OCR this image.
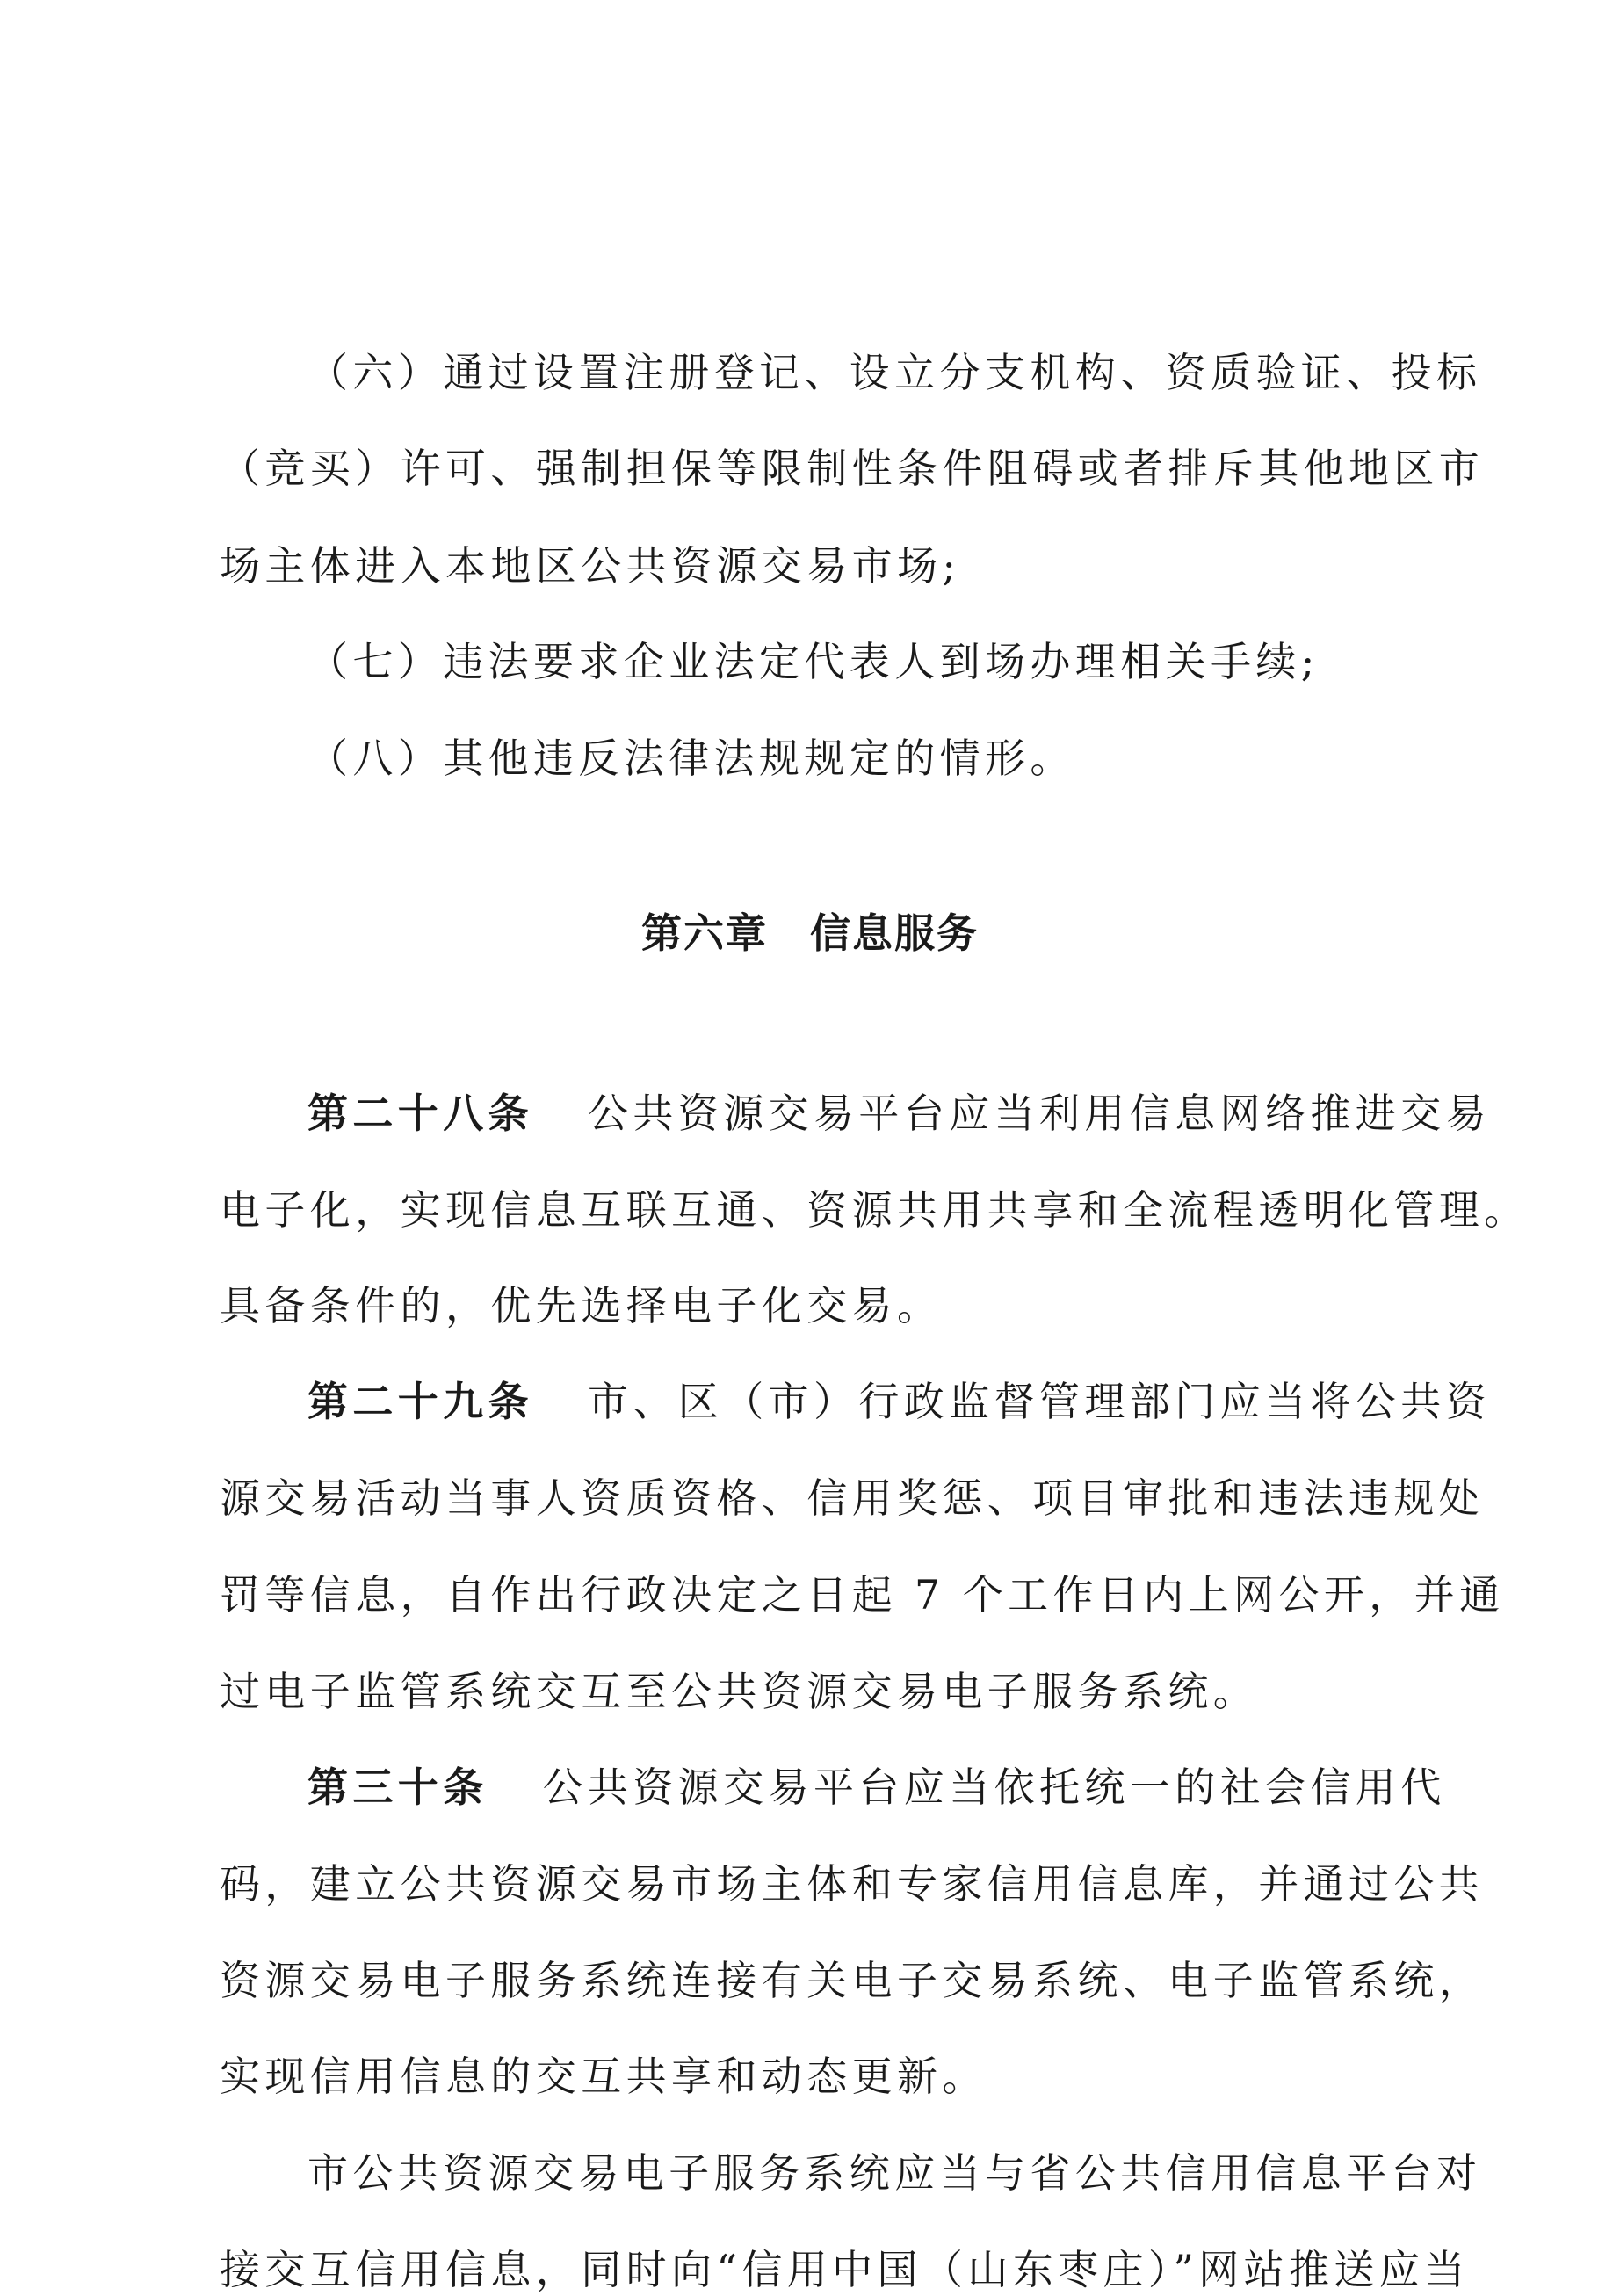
（六）通过设置注册登记、设立分支机构、资质验证、投标
（竞买）许可、强制担保等限制性条件阻碍或者排斥其他地区市
场主体进入本地区公共资源交易市场;
（七）违法要求企业法定代表人到场办理相关手续;
（八）其他违反法律法规规定的情形。
第六章　信息服务
第二十八条 公共资源交易平台应当利用信息网络推进交易
电子化，实现信息互联互通、资源共用共享和全流程透明化管理。
具备条件的，优先选择电子化交易。
第二十九条 市、区（市）行政监督管理部门应当将公共资
源交易活动当事人资质资格、信用奖惩、项目审批和违法违规处
罚等信息，自作出行政决定之日起 7 个工作日内上网公开，并通
过电子监管系统交互至公共资源交易电子服务系统。
第三十条 公共资源交易平台应当依托统一的社会信用代
码，建立公共资源交易市场主体和专家信用信息库，并通过公共
资源交易电子服务系统连接有关电子交易系统、电子监管系统，
实现信用信息的交互共享和动态更新。
市公共资源交易电子服务系统应当与省公共信用信息平台对
接交互信用信息，同时向“信用中国（山东枣庄）”网站推送应当
